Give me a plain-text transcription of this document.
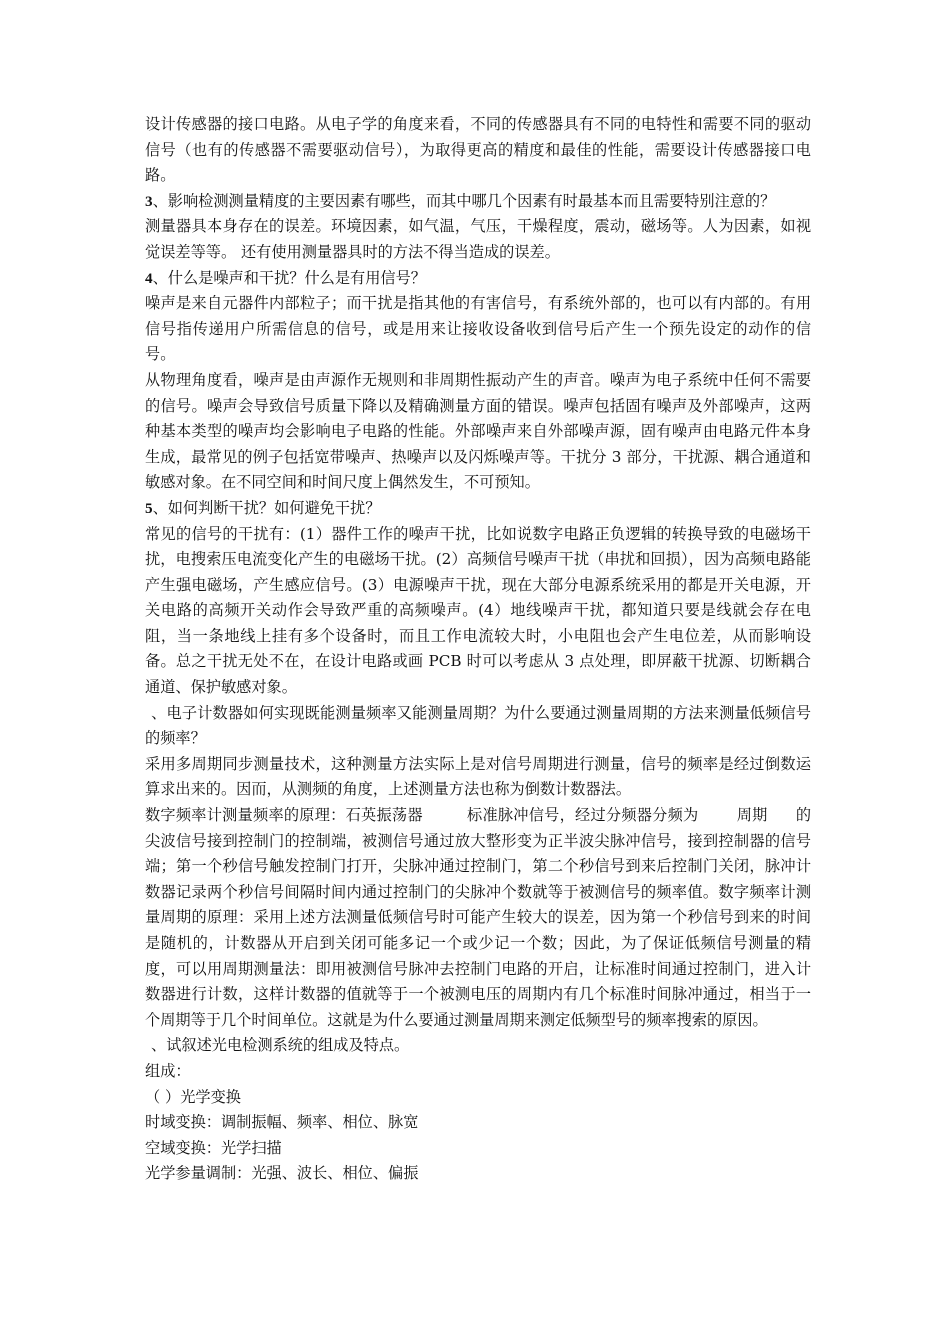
设计传感器的接口电路。从电子学的角度来看，不同的传感器具有不同的电特性和需要不同的驱动信号（也有的传感器不需要驱动信号），为取得更高的精度和最佳的性能，需要设计传感器接口电路。

3、影响检测测量精度的主要因素有哪些，而其中哪几个因素有时最基本而且需要特别注意的？

测量器具本身存在的误差。环境因素，如气温，气压，干燥程度，震动，磁场等。人为因素，如视觉误差等等。 还有使用测量器具时的方法不得当造成的误差。

4、什么是噪声和干扰？什么是有用信号？

噪声是来自元器件内部粒子；而干扰是指其他的有害信号，有系统外部的，也可以有内部的。有用信号指传递用户所需信息的信号，或是用来让接收设备收到信号后产生一个预先设定的动作的信号。

从物理角度看，噪声是由声源作无规则和非周期性振动产生的声音。噪声为电子系统中任何不需要的信号。噪声会导致信号质量下降以及精确测量方面的错误。噪声包括固有噪声及外部噪声，这两种基本类型的噪声均会影响电子电路的性能。外部噪声来自外部噪声源，固有噪声由电路元件本身生成，最常见的例子包括宽带噪声、热噪声以及闪烁噪声等。干扰分 3 部分，干扰源、耦合通道和敏感对象。在不同空间和时间尺度上偶然发生，不可预知。

5、如何判断干扰？如何避免干扰？

常见的信号的干扰有：(1）器件工作的噪声干扰，比如说数字电路正负逻辑的转换导致的电磁场干扰，电搜索压电流变化产生的电磁场干扰。(2）高频信号噪声干扰（串扰和回损），因为高频电路能产生强电磁场，产生感应信号。(3）电源噪声干扰，现在大部分电源系统采用的都是开关电源，开关电路的高频开关动作会导致严重的高频噪声。(4）地线噪声干扰，都知道只要是线就会存在电阻，当一条地线上挂有多个设备时，而且工作电流较大时，小电阻也会产生电位差，从而影响设备。总之干扰无处不在，在设计电路或画 PCB 时可以考虑从 3 点处理，即屏蔽干扰源、切断耦合通道、保护敏感对象。

、电子计数器如何实现既能测量频率又能测量周期？为什么要通过测量周期的方法来测量低频信号的频率？

采用多周期同步测量技术，这种测量方法实际上是对信号周期进行测量，信号的频率是经过倒数运算求出来的。因而，从测频的角度，上述测量方法也称为倒数计数器法。

数字频率计测量频率的原理：石英振荡器	标准脉冲信号，经过分频器分频为	周期 的尖波信号接到控制门的控制端，被测信号通过放大整形变为正半波尖脉冲信号，接到控制器的信号端；第一个秒信号触发控制门打开，尖脉冲通过控制门，第二个秒信号到来后控制门关闭，脉冲计数器记录两个秒信号间隔时间内通过控制门的尖脉冲个数就等于被测信号的频率值。数字频率计测量周期的原理：采用上述方法测量低频信号时可能产生较大的误差，因为第一个秒信号到来的时间是随机的，计数器从开启到关闭可能多记一个或少记一个数；因此，为了保证低频信号测量的精度，可以用周期测量法：即用被测信号脉冲去控制门电路的开启，让标准时间通过控制门，进入计数器进行计数，这样计数器的值就等于一个被测电压的周期内有几个标准时间脉冲通过，相当于一个周期等于几个时间单位。这就是为什么要通过测量周期来测定低频型号的频率搜索的原因。

、试叙述光电检测系统的组成及特点。

组成：

（ ）光学变换

时域变换：调制振幅、频率、相位、脉宽

空域变换：光学扫描

光学参量调制：光强、波长、相位、偏振
